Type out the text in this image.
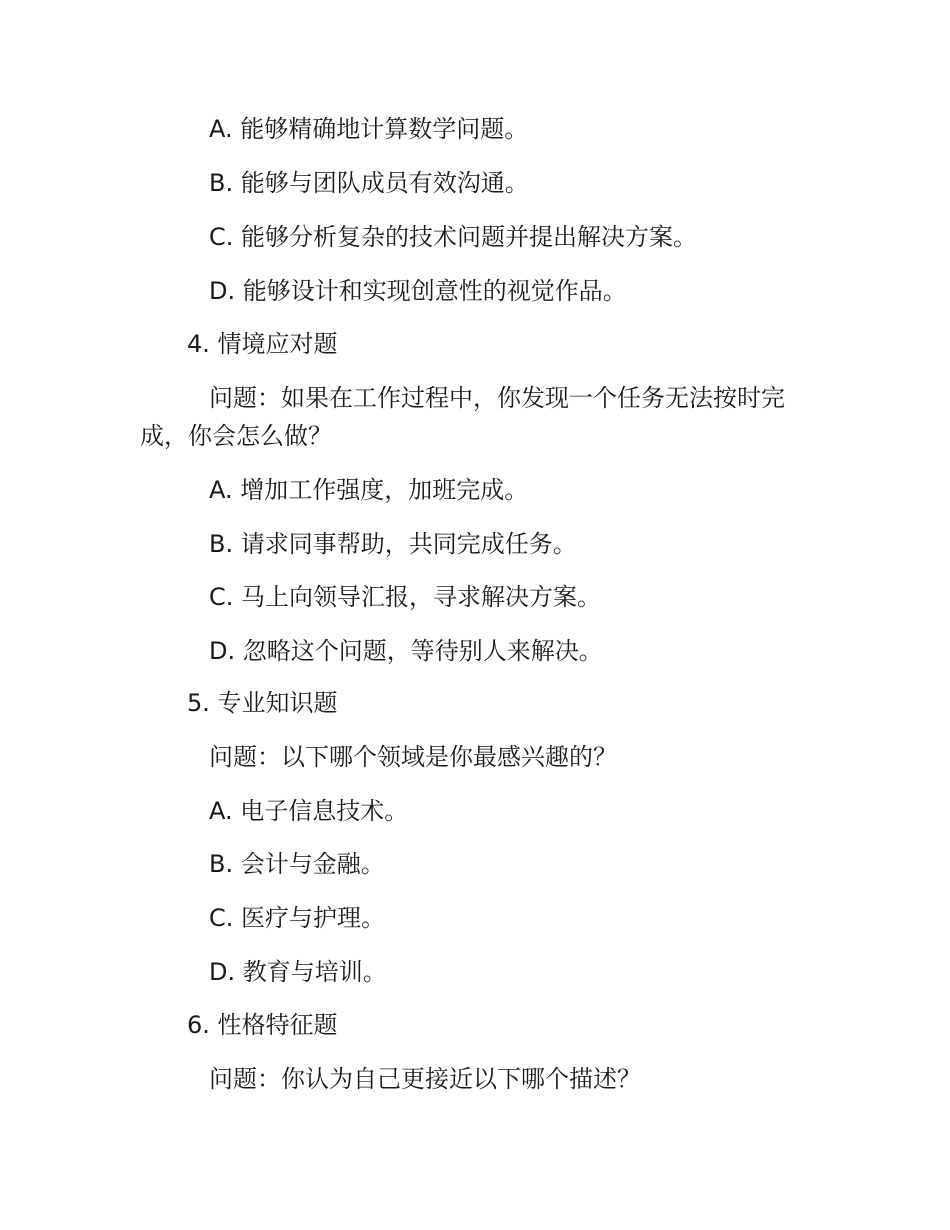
A. 能够精确地计算数学问题。

B. 能够与团队成员有效沟通。

C. 能够分析复杂的技术问题并提出解决方案。

D. 能够设计和实现创意性的视觉作品。

4. 情境应对题

问题：如果在工作过程中，你发现一个任务无法按时完

成，你会怎么做？

A. 增加工作强度，加班完成。

B. 请求同事帮助，共同完成任务。

C. 马上向领导汇报，寻求解决方案。

D. 忽略这个问题，等待别人来解决。

5. 专业知识题

问题：以下哪个领域是你最感兴趣的？

A. 电子信息技术。

B. 会计与金融。

C. 医疗与护理。

D. 教育与培训。

6. 性格特征题

问题：你认为自己更接近以下哪个描述？
